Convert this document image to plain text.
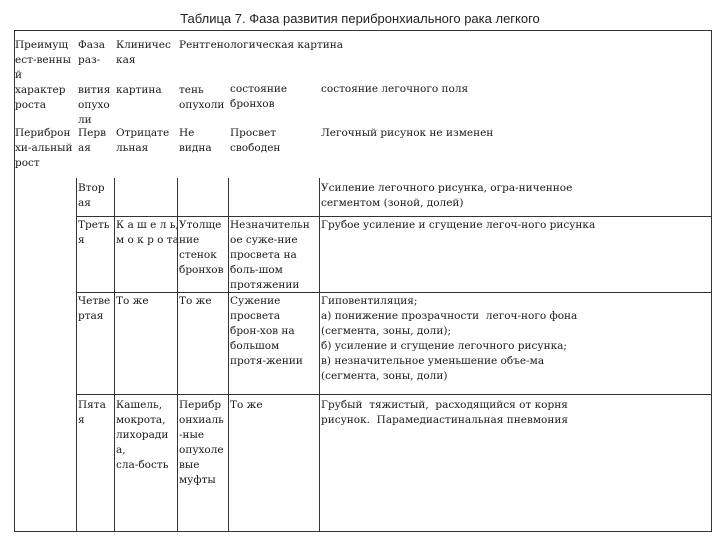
Таблица 7. Фаза развития перибронхиального рака легкого
Преимущ
ест-венны
й
характер
роста
Фаза
раз-

вития
опухо
ли
Клиничес
кая

картина
Рентгенологическая картина

тень
опухоли
состояние
бронхов
состояние легочного поля
Периброн
хи-альный
рост
Перв
ая
Отрицате
льная
Не
видна
Просвет
свободен
Легочный рисунок не изменен
Втор
ая
Усиление легочного рисунка, огра-ниченное
сегментом (зоной, долей)
Треть
я
К а ш е л ь,
м о к р о та
Утолще
ние
стенок
бронхов
Незначительн
ое суже-ние
просвета на
боль-шом
протяжении
Грубое усиление и сгущение легоч-ного рисунка
Четве
ртая
То же	То же Сужение
просвета
брон-хов на
большом
протя-жении
Гиповентиляция;
а) понижение прозрачности  легоч-ного фона
(сегмента, зоны, доли);
б) усиление и сгущение легочного рисунка;
в) незначительное уменьшение объе-ма
(сегмента, зоны, доли)
Пята
я
Кашель,
мокрота,
лихоради
а,
сла-бость
Перибр
онхиаль
-ные
опухоле
вые
муфты
То же	Грубый  тяжистый,  расходящийся от корня
рисунок.  Парамедиастинальная пневмония
